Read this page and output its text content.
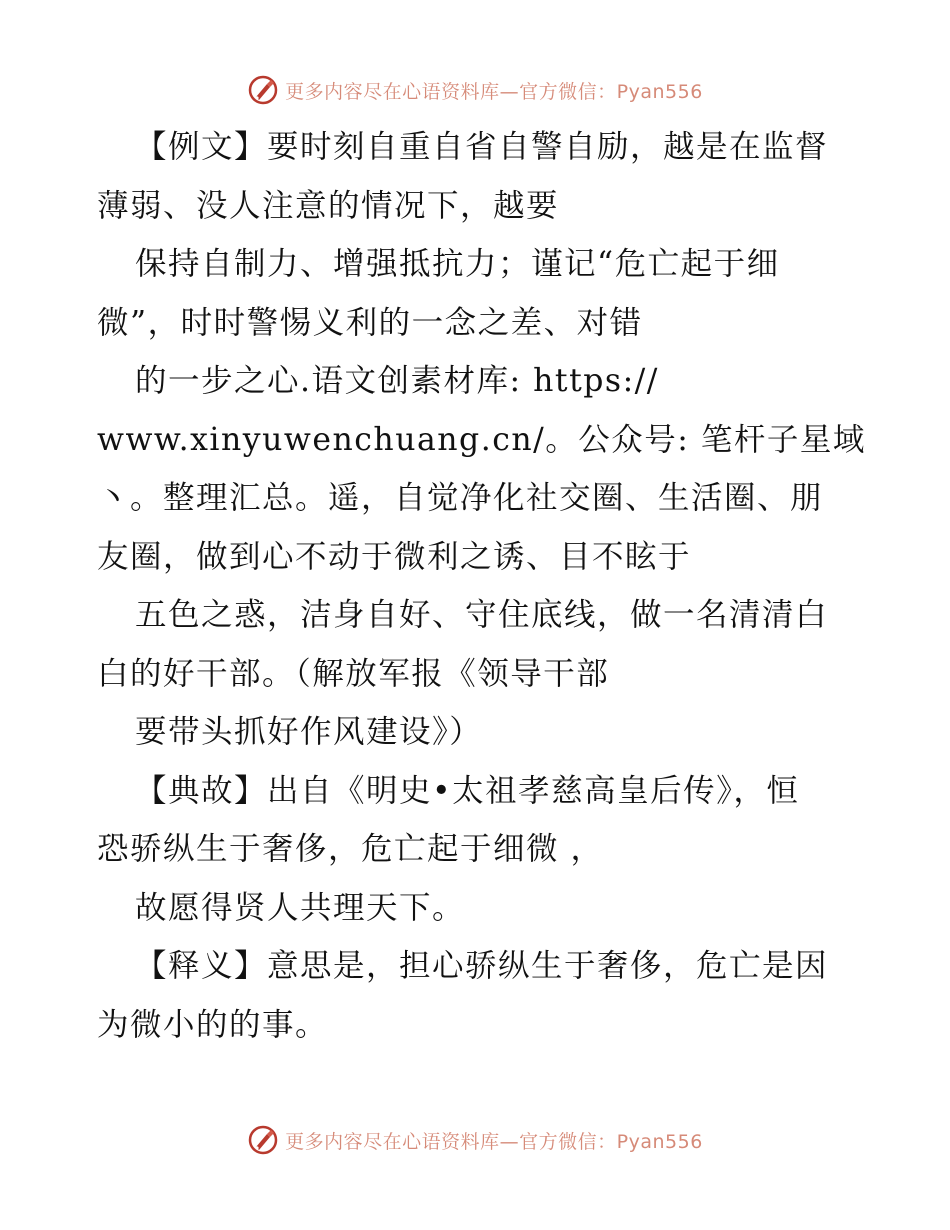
更多内容尽在心语资料库—官方微信：Pyan556
【例文】要时刻自重自省自警自励，越是在监督
薄弱、没人注意的情况下，越要
保持自制力、增强抵抗力；谨记“危亡起于细
微”，时时警惕义利的一念之差、对错
的一步之心.语文创素材库: https://
www.xinyuwenchuang.cn/。公众号: 笔杆子星域
丶。整理汇总。遥，自觉净化社交圈、生活圈、朋
友圈，做到心不动于微利之诱、目不眩于
五色之惑，洁身自好、守住底线，做一名清清白
白的好干部。（解放军报《领导干部
要带头抓好作风建设》）
【典故】出自《明史•太祖孝慈高皇后传》，恒
恐骄纵生于奢侈，危亡起于细微 ，
故愿得贤人共理天下。
【释义】意思是，担心骄纵生于奢侈，危亡是因
为微小的的事。
更多内容尽在心语资料库—官方微信：Pyan556
